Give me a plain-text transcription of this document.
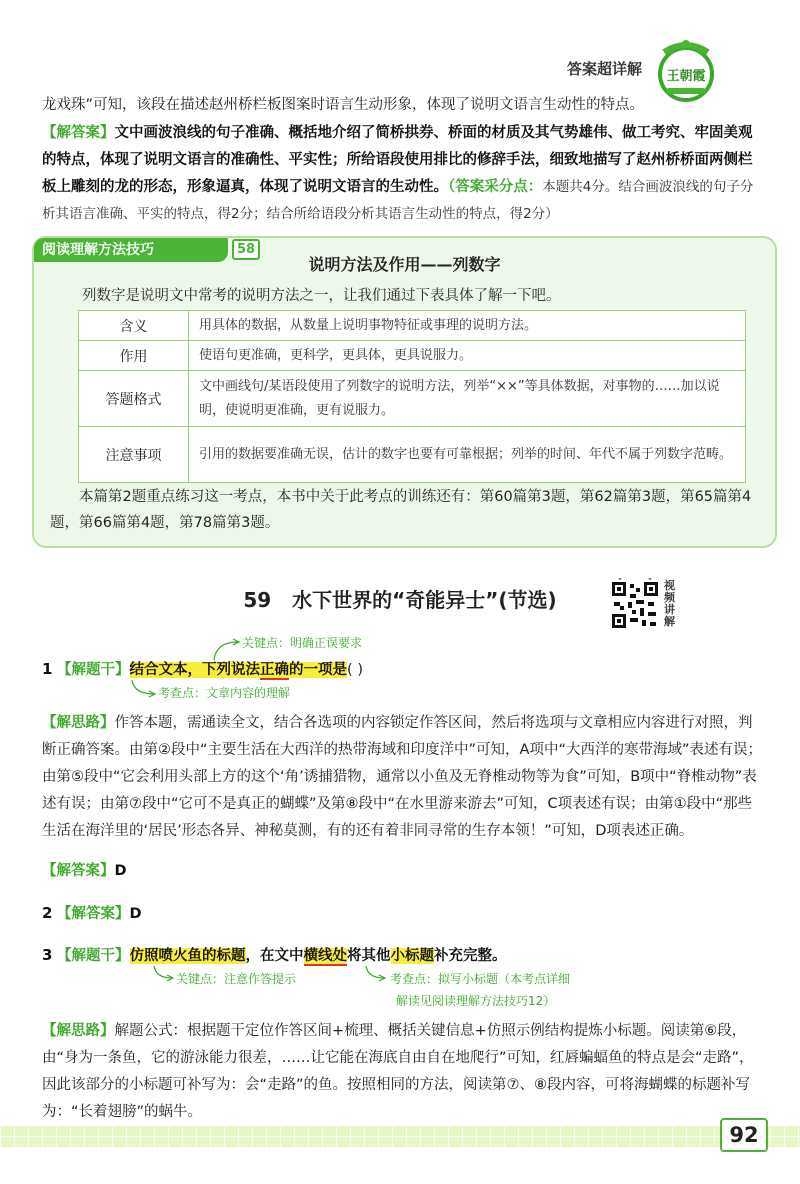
答案超详解 王朝霞
龙戏珠”可知，该段在描述赵州桥栏板图案时语言生动形象，体现了说明文语言生动性的特点。
【解答案】文中画波浪线的句子准确、概括地介绍了简桥拱券、桥面的材质及其气势雄伟、做工考究、牢固美观的特点，体现了说明文语言的准确性、平实性；所给语段使用排比的修辞手法，细致地描写了赵州桥桥面两侧栏板上雕刻的龙的形态，形象逼真，体现了说明文语言的生动性。（答案采分点：本题共4分。结合画波浪线的句子分析其语言准确、平实的特点，得2分；结合所给语段分析其语言生动性的特点，得2分）
阅读理解方法技巧	58
说明方法及作用——列数字
列数字是说明文中常考的说明方法之一，让我们通过下表具体了解一下吧。
含义	用具体的数据，从数量上说明事物特征或事理的说明方法。
作用	使语句更准确，更科学，更具体，更具说服力。
答题格式	文中画线句/某语段使用了列数字的说明方法，列举“××”等具体数据，对事物的……加以说明，使说明更准确，更有说服力。
注意事项	引用的数据要准确无误，估计的数字也要有可靠根据；列举的时间、年代不属于列数字范畴。
本篇第2题重点练习这一考点，本书中关于此考点的训练还有：第60篇第3题，第62篇第3题，第65篇第4题，第66篇第4题，第78篇第3题。
59 水下世界的“奇能异士”(节选)
视频讲解
关键点：明确正误要求
1 【解题干】结合文本，下列说法正确的一项是( )
考查点：文章内容的理解
【解思路】作答本题，需通读全文，结合各选项的内容锁定作答区间，然后将选项与文章相应内容进行对照，判断正确答案。由第②段中“主要生活在大西洋的热带海域和印度洋中”可知，A项中“大西洋的寒带海域”表述有误；由第⑤段中“它会利用头部上方的这个‘角’诱捕猎物，通常以小鱼及无脊椎动物等为食”可知，B项中“脊椎动物”表述有误；由第⑦段中“它可不是真正的蝴蝶”及第⑧段中“在水里游来游去”可知，C项表述有误；由第①段中“那些生活在海洋里的‘居民’形态各异、神秘莫测，有的还有着非同寻常的生存本领！”可知，D项表述正确。
【解答案】D
2 【解答案】D
3 【解题干】仿照喷火鱼的标题，在文中横线处将其他小标题补充完整。
关键点：注意作答提示	考查点：拟写小标题（本考点详细
解读见阅读理解方法技巧12）
【解思路】解题公式：根据题干定位作答区间+梳理、概括关键信息+仿照示例结构提炼小标题。阅读第⑥段，由“身为一条鱼，它的游泳能力很差，……让它能在海底自由自在地爬行”可知，红唇蝙蝠鱼的特点是会“走路”，因此该部分的小标题可补写为：会“走路”的鱼。按照相同的方法，阅读第⑦、⑧段内容，可将海蝴蝶的标题补写为：“长着翅膀”的蜗牛。
92
